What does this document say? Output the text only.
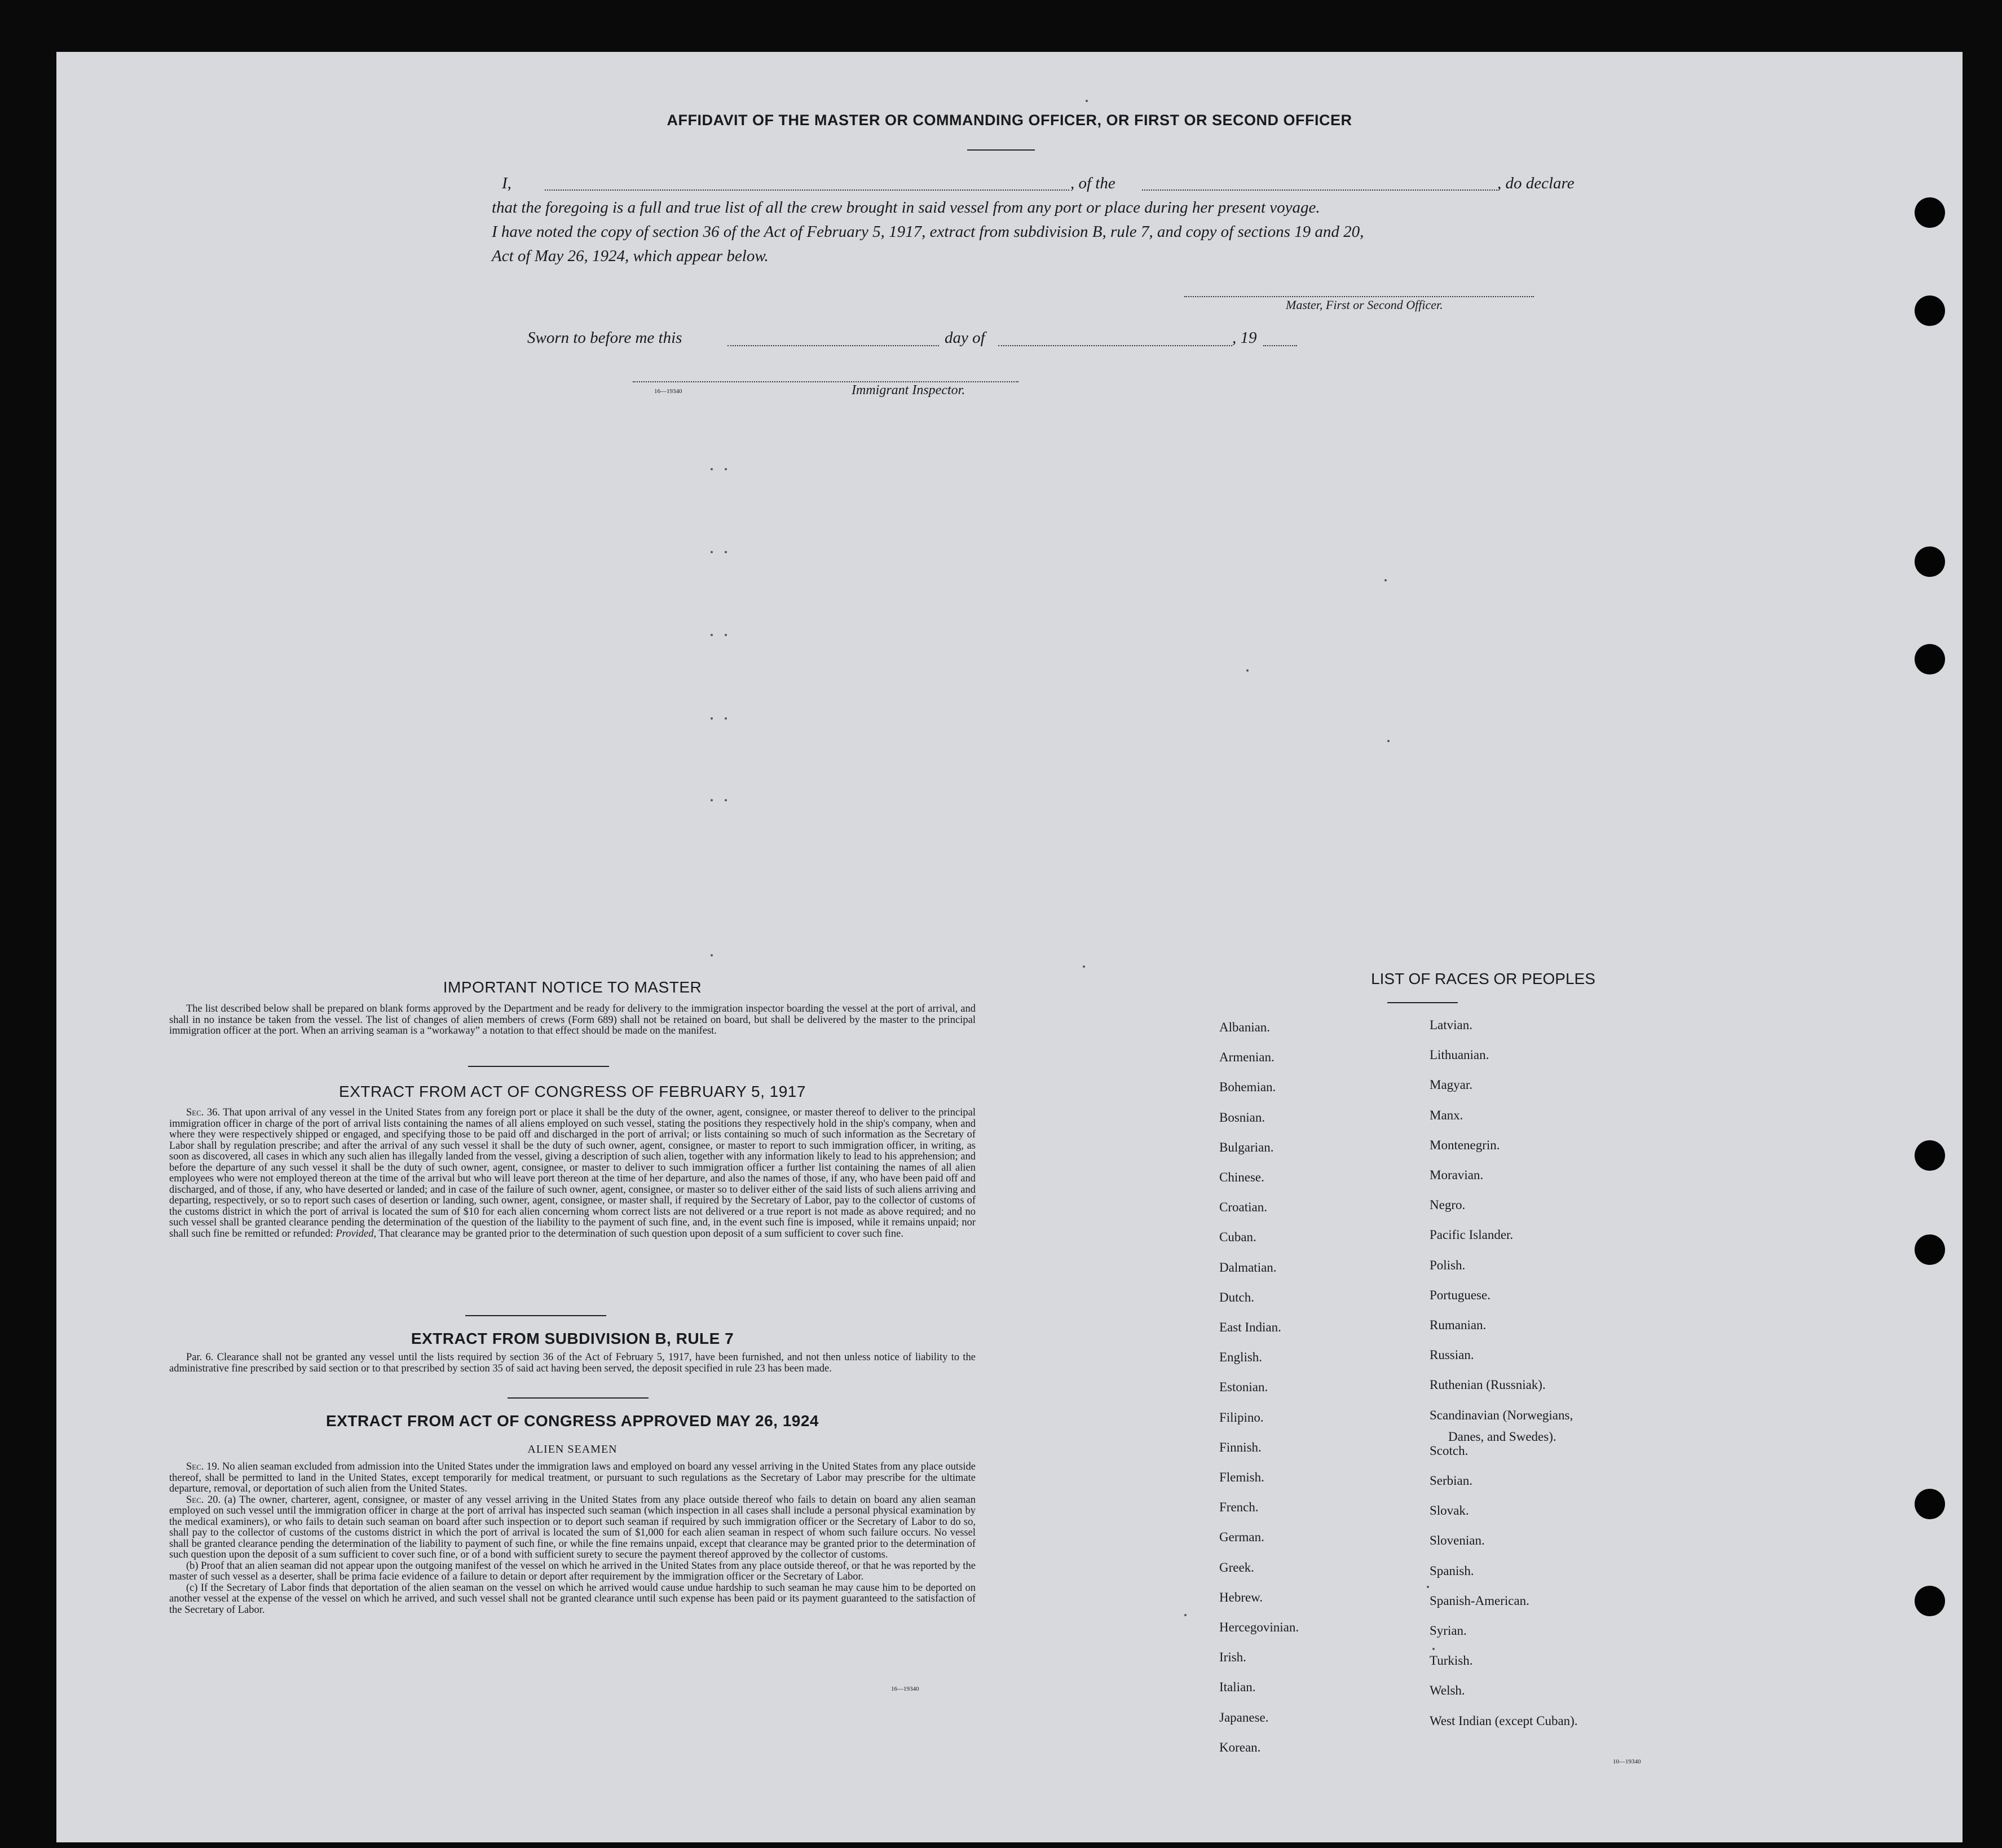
AFFIDAVIT OF THE MASTER OR COMMANDING OFFICER, OR FIRST OR SECOND OFFICER
I,	, of the	, do declare
that the foregoing is a full and true list of all the crew brought in said vessel from any port or place during her present voyage.
I have noted the copy of section 36 of the Act of February 5, 1917, extract from subdivision B, rule 7, and copy of sections 19 and 20,
Act of May 26, 1924, which appear below.
Master, First or Second Officer.
Sworn to before me this	day of	, 19
16—19340	Immigrant Inspector.
IMPORTANT NOTICE TO MASTER

The list described below shall be prepared on blank forms approved by the Department and be ready for delivery to the immigration inspector boarding the vessel at the port of arrival, and shall in no instance be taken from the vessel. The list of changes of alien members of crews (Form 689) shall not be retained on board, but shall be delivered by the master to the principal immigration officer at the port. When an arriving seaman is a “workaway” a notation to that effect should be made on the manifest.

EXTRACT FROM ACT OF CONGRESS OF FEBRUARY 5, 1917

Sec. 36. That upon arrival of any vessel in the United States from any foreign port or place it shall be the duty of the owner, agent, consignee, or master thereof to deliver to the principal immigration officer in charge of the port of arrival lists containing the names of all aliens employed on such vessel, stating the positions they respectively hold in the ship's company, when and where they were respectively shipped or engaged, and specifying those to be paid off and discharged in the port of arrival; or lists containing so much of such information as the Secretary of Labor shall by regulation prescribe; and after the arrival of any such vessel it shall be the duty of such owner, agent, consignee, or master to report to such immigration officer, in writing, as soon as discovered, all cases in which any such alien has illegally landed from the vessel, giving a description of such alien, together with any information likely to lead to his apprehension; and before the departure of any such vessel it shall be the duty of such owner, agent, consignee, or master to deliver to such immigration officer a further list containing the names of all alien employees who were not employed thereon at the time of the arrival but who will leave port thereon at the time of her departure, and also the names of those, if any, who have been paid off and discharged, and of those, if any, who have deserted or landed; and in case of the failure of such owner, agent, consignee, or master so to deliver either of the said lists of such aliens arriving and departing, respectively, or so to report such cases of desertion or landing, such owner, agent, consignee, or master shall, if required by the Secretary of Labor, pay to the collector of customs of the customs district in which the port of arrival is located the sum of $10 for each alien concerning whom correct lists are not delivered or a true report is not made as above required; and no such vessel shall be granted clearance pending the determination of the question of the liability to the payment of such fine, and, in the event such fine is imposed, while it remains unpaid; nor shall such fine be remitted or refunded: Provided, That clearance may be granted prior to the determination of such question upon deposit of a sum sufficient to cover such fine.

EXTRACT FROM SUBDIVISION B, RULE 7

Par. 6. Clearance shall not be granted any vessel until the lists required by section 36 of the Act of February 5, 1917, have been furnished, and not then unless notice of liability to the administrative fine prescribed by said section or to that prescribed by section 35 of said act having been served, the deposit specified in rule 23 has been made.

EXTRACT FROM ACT OF CONGRESS APPROVED MAY 26, 1924
ALIEN SEAMEN

Sec. 19. No alien seaman excluded from admission into the United States under the immigration laws and employed on board any vessel arriving in the United States from any place outside thereof, shall be permitted to land in the United States, except temporarily for medical treatment, or pursuant to such regulations as the Secretary of Labor may prescribe for the ultimate departure, removal, or deportation of such alien from the United States.

Sec. 20. (a) The owner, charterer, agent, consignee, or master of any vessel arriving in the United States from any place outside thereof who fails to detain on board any alien seaman employed on such vessel until the immigration officer in charge at the port of arrival has inspected such seaman (which inspection in all cases shall include a personal physical examination by the medical examiners), or who fails to detain such seaman on board after such inspection or to deport such seaman if required by such immigration officer or the Secretary of Labor to do so, shall pay to the collector of customs of the customs district in which the port of arrival is located the sum of $1,000 for each alien seaman in respect of whom such failure occurs. No vessel shall be granted clearance pending the determination of the liability to payment of such fine, or while the fine remains unpaid, except that clearance may be granted prior to the determination of such question upon the deposit of a sum sufficient to cover such fine, or of a bond with sufficient surety to secure the payment thereof approved by the collector of customs.

(b) Proof that an alien seaman did not appear upon the outgoing manifest of the vessel on which he arrived in the United States from any place outside thereof, or that he was reported by the master of such vessel as a deserter, shall be prima facie evidence of a failure to detain or deport after requirement by the immigration officer or the Secretary of Labor.

(c) If the Secretary of Labor finds that deportation of the alien seaman on the vessel on which he arrived would cause undue hardship to such seaman he may cause him to be deported on another vessel at the expense of the vessel on which he arrived, and such vessel shall not be granted clearance until such expense has been paid or its payment guaranteed to the satisfaction of the Secretary of Labor.

16—19340
LIST OF RACES OR PEOPLES
10—19340
Albanian.
Armenian.
Bohemian.
Bosnian.
Bulgarian.
Chinese.
Croatian.
Cuban.
Dalmatian.
Dutch.
East Indian.
English.
Estonian.
Filipino.
Finnish.
Flemish.
French.
German.
Greek.
Hebrew.
Hercegovinian.
Irish.
Italian.
Japanese.
Korean.
Latvian.
Lithuanian.
Magyar.
Manx.
Montenegrin.
Moravian.
Negro.
Pacific Islander.
Polish.
Portuguese.
Rumanian.
Russian.
Ruthenian (Russniak).
Scandinavian (Norwegians,
Danes, and Swedes).
Scotch.
Serbian.
Slovak.
Slovenian.
Spanish.
Spanish-American.
Syrian.
Turkish.
Welsh.
West Indian (except Cuban).
